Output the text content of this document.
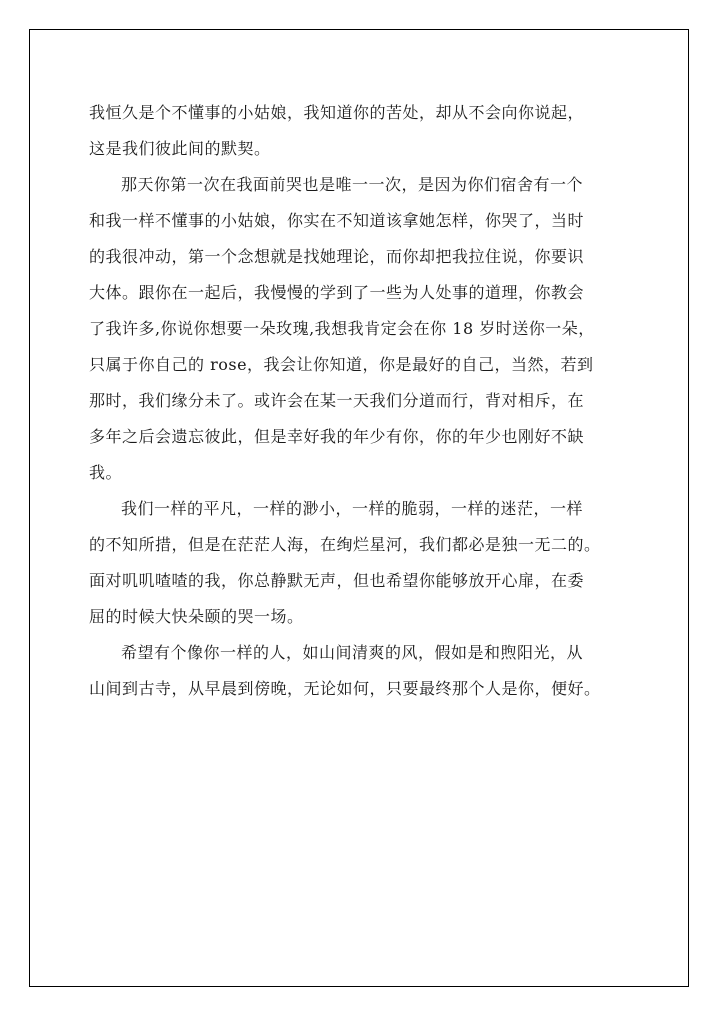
我恒久是个不懂事的小姑娘，我知道你的苦处，却从不会向你说起，
这是我们彼此间的默契。
那天你第一次在我面前哭也是唯一一次，是因为你们宿舍有一个
和我一样不懂事的小姑娘，你实在不知道该拿她怎样，你哭了，当时
的我很冲动，第一个念想就是找她理论，而你却把我拉住说，你要识
大体。跟你在一起后，我慢慢的学到了一些为人处事的道理，你教会
了我许多,你说你想要一朵玫瑰,我想我肯定会在你 18 岁时送你一朵，
只属于你自己的 rose，我会让你知道，你是最好的自己，当然，若到
那时，我们缘分未了。或许会在某一天我们分道而行，背对相斥，在
多年之后会遗忘彼此，但是幸好我的年少有你，你的年少也刚好不缺
我。
我们一样的平凡，一样的渺小，一样的脆弱，一样的迷茫，一样
的不知所措，但是在茫茫人海，在绚烂星河，我们都必是独一无二的。
面对叽叽喳喳的我，你总静默无声，但也希望你能够放开心扉，在委
屈的时候大快朵颐的哭一场。
希望有个像你一样的人，如山间清爽的风，假如是和煦阳光，从
山间到古寺，从早晨到傍晚，无论如何，只要最终那个人是你，便好。
